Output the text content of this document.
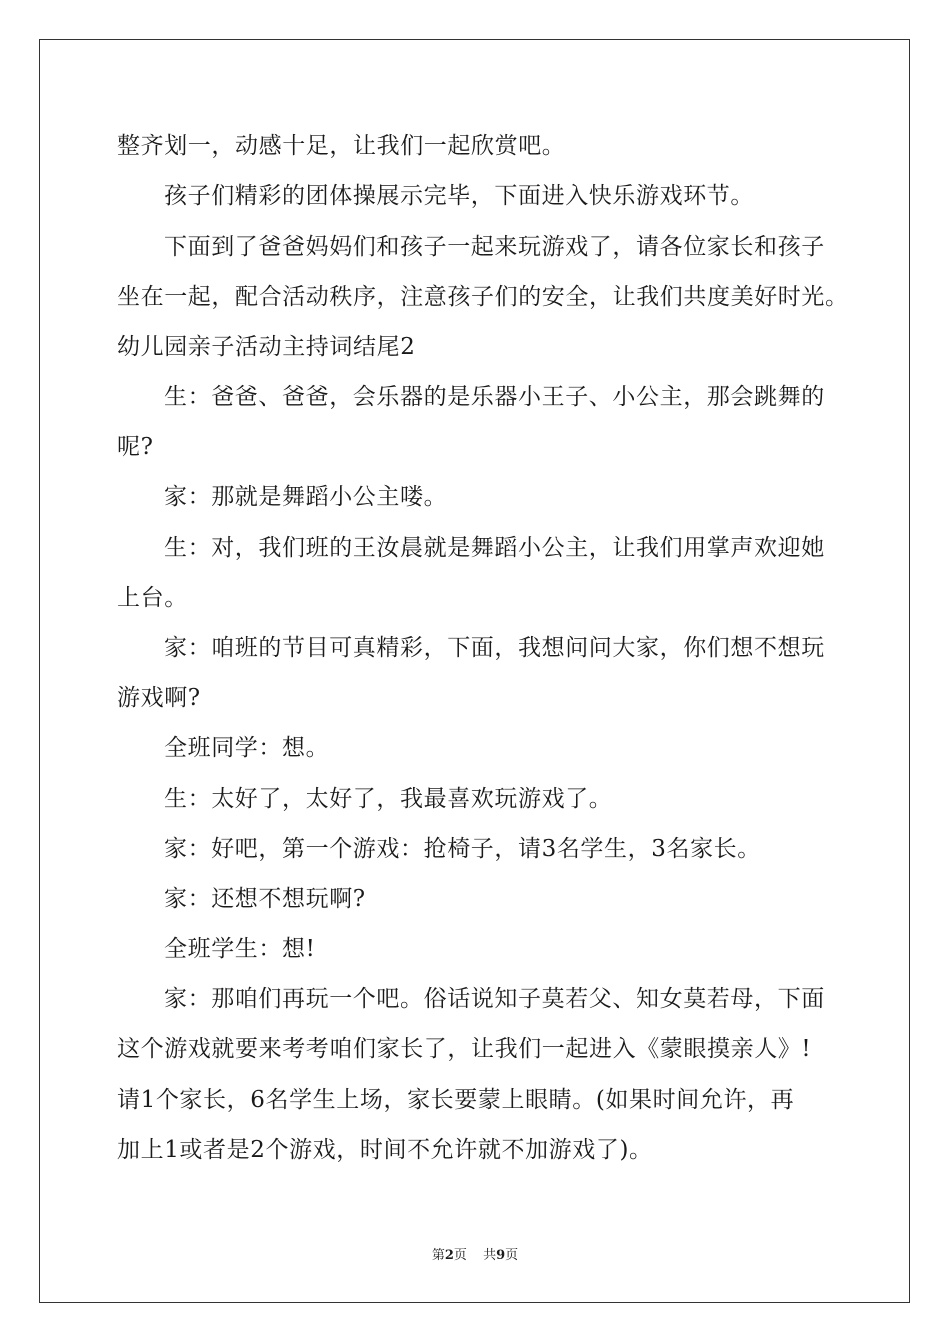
整齐划一，动感十足，让我们一起欣赏吧。
孩子们精彩的团体操展示完毕，下面进入快乐游戏环节。
下面到了爸爸妈妈们和孩子一起来玩游戏了，请各位家长和孩子
坐在一起，配合活动秩序，注意孩子们的安全，让我们共度美好时光。
幼儿园亲子活动主持词结尾2
生：爸爸、爸爸，会乐器的是乐器小王子、小公主，那会跳舞的
呢?
家：那就是舞蹈小公主喽。
生：对，我们班的王汝晨就是舞蹈小公主，让我们用掌声欢迎她
上台。
家：咱班的节目可真精彩，下面，我想问问大家，你们想不想玩
游戏啊?
全班同学：想。
生：太好了，太好了，我最喜欢玩游戏了。
家：好吧，第一个游戏：抢椅子，请3名学生，3名家长。
家：还想不想玩啊?
全班学生：想!
家：那咱们再玩一个吧。俗话说知子莫若父、知女莫若母，下面
这个游戏就要来考考咱们家长了，让我们一起进入《蒙眼摸亲人》!
请1个家长，6名学生上场，家长要蒙上眼睛。(如果时间允许，再
加上1或者是2个游戏，时间不允许就不加游戏了)。
第2页 共9页
